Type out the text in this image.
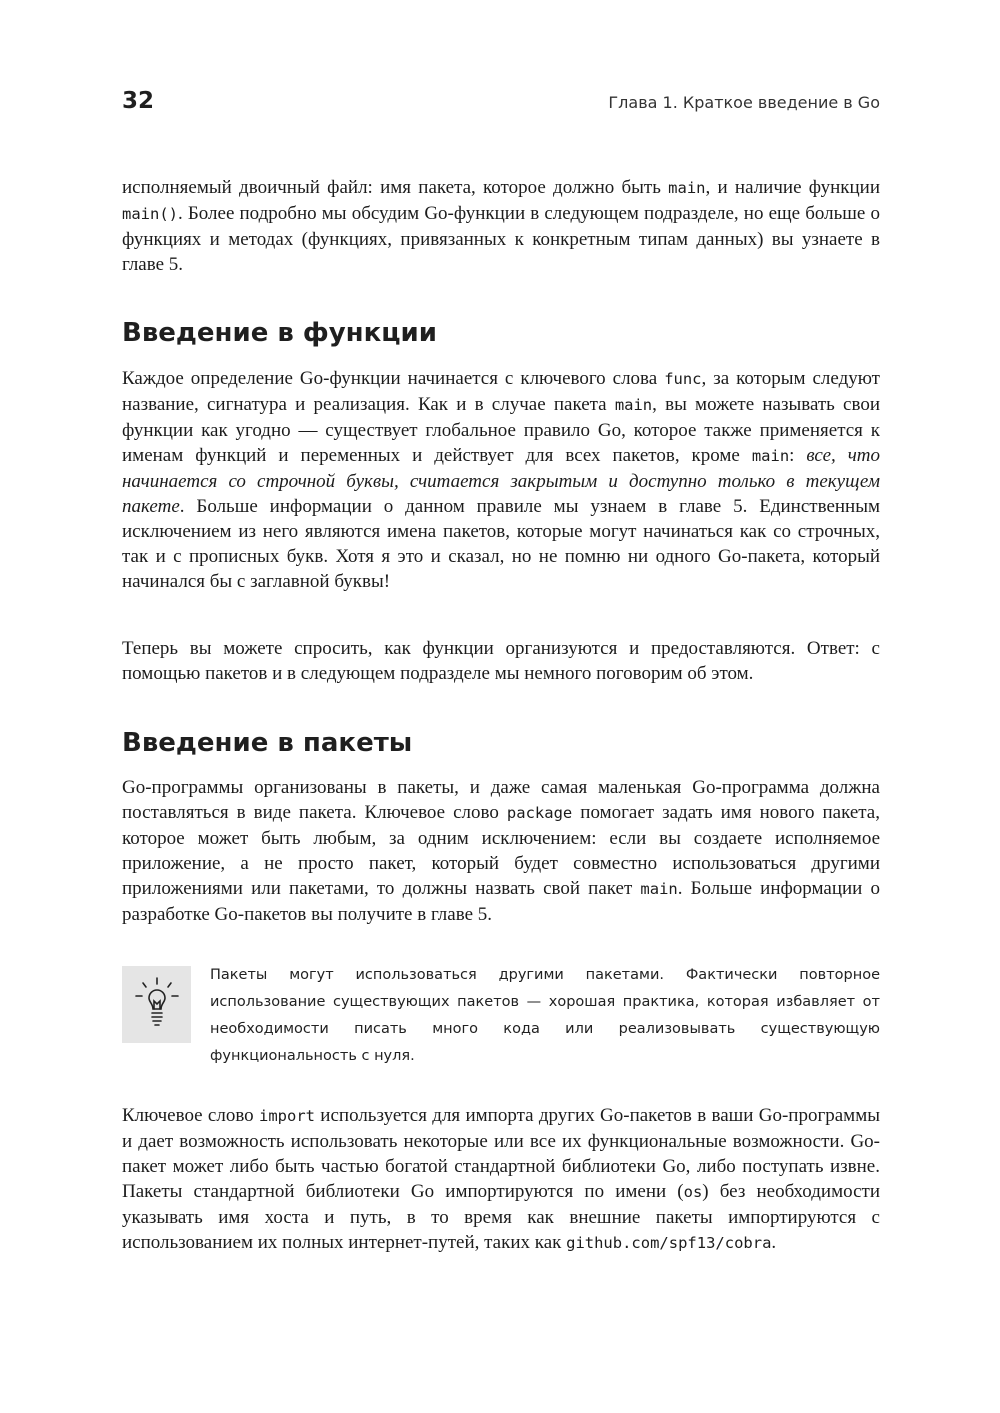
32	Глава 1. Краткое введение в Go

исполняемый двоичный файл: имя пакета, которое должно быть main, и наличие функции main(). Более подробно мы обсудим Go-функции в следующем подразделе, но еще больше о функциях и методах (функциях, привязанных к конкретным типам данных) вы узнаете в главе 5.

Введение в функции

Каждое определение Go-функции начинается с ключевого слова func, за которым следуют название, сигнатура и реализация. Как и в случае пакета main, вы можете называть свои функции как угодно — существует глобальное правило Go, которое также применяется к именам функций и переменных и действует для всех пакетов, кроме main: все, что начинается со строчной буквы, считается закрытым и доступно только в текущем пакете. Больше информации о данном правиле мы узнаем в главе 5. Единственным исключением из него являются имена пакетов, которые могут начинаться как со строчных, так и с прописных букв. Хотя я это и сказал, но не помню ни одного Go-пакета, который начинался бы с заглавной буквы!

Теперь вы можете спросить, как функции организуются и предоставляются. Ответ: с помощью пакетов и в следующем подразделе мы немного поговорим об этом.

Введение в пакеты

Go-программы организованы в пакеты, и даже самая маленькая Go-программа должна поставляться в виде пакета. Ключевое слово package помогает задать имя нового пакета, которое может быть любым, за одним исключением: если вы создаете исполняемое приложение, а не просто пакет, который будет совместно использоваться другими приложениями или пакетами, то должны назвать свой пакет main. Больше информации о разработке Go-пакетов вы получите в главе 5.

Пакеты могут использоваться другими пакетами. Фактически повторное использование существующих пакетов — хорошая практика, которая избавляет от необходимости писать много кода или реализовывать существующую функциональность с нуля.

Ключевое слово import используется для импорта других Go-пакетов в ваши Go-программы и дает возможность использовать некоторые или все их функциональные возможности. Go-пакет может либо быть частью богатой стандартной библиотеки Go, либо поступать извне. Пакеты стандартной библиотеки Go импортируются по имени (os) без необходимости указывать имя хоста и путь, в то время как внешние пакеты импортируются с использованием их полных интернет-путей, таких как github.com/spf13/cobra.
